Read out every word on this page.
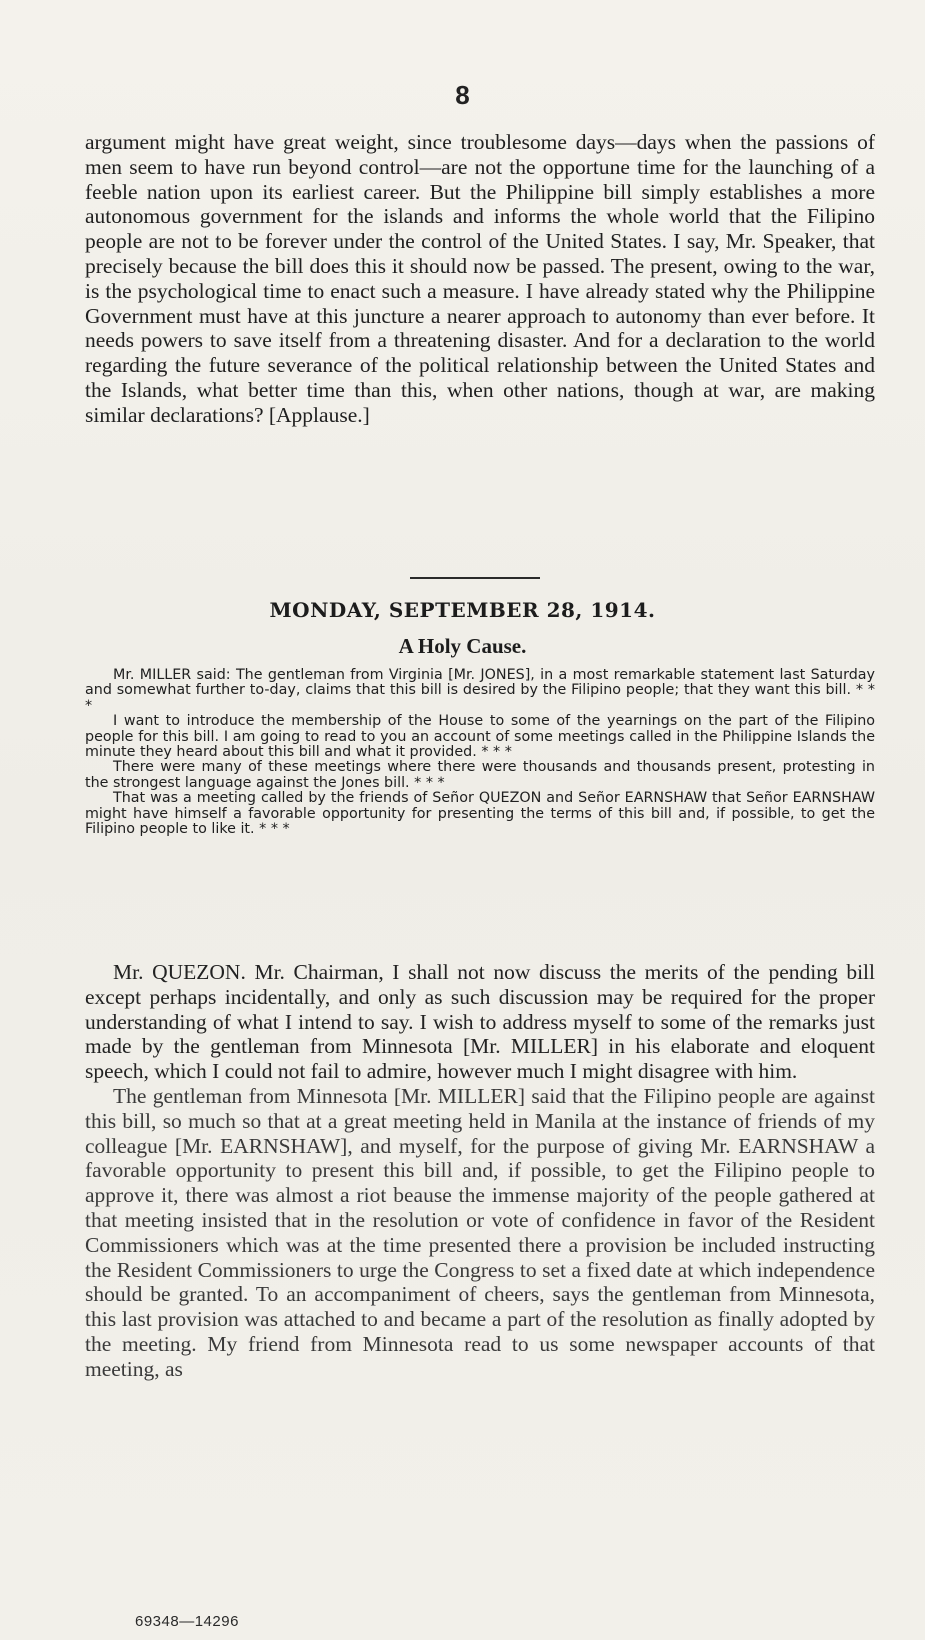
8
argument might have great weight, since troublesome days—days when the passions of men seem to have run beyond control—are not the opportune time for the launching of a feeble nation upon its earliest career. But the Philippine bill simply establishes a more autonomous government for the islands and informs the whole world that the Filipino people are not to be forever under the control of the United States. I say, Mr. Speaker, that precisely because the bill does this it should now be passed. The present, owing to the war, is the psychological time to enact such a measure. I have already stated why the Philippine Government must have at this juncture a nearer approach to autonomy than ever before. It needs powers to save itself from a threatening disaster. And for a declaration to the world regarding the future severance of the political relationship between the United States and the Islands, what better time than this, when other nations, though at war, are making similar declarations? [Applause.]
MONDAY, SEPTEMBER 28, 1914.
A Holy Cause.

Mr. MILLER said: The gentleman from Virginia [Mr. JONES], in a most remarkable statement last Saturday and somewhat further to-day, claims that this bill is desired by the Filipino people; that they want this bill. * * *

I want to introduce the membership of the House to some of the yearnings on the part of the Filipino people for this bill. I am going to read to you an account of some meetings called in the Philippine Islands the minute they heard about this bill and what it provided. * * *

There were many of these meetings where there were thousands and thousands present, protesting in the strongest language against the Jones bill. * * *

That was a meeting called by the friends of Señor QUEZON and Señor EARNSHAW that Señor EARNSHAW might have himself a favorable opportunity for presenting the terms of this bill and, if possible, to get the Filipino people to like it. * * *

Mr. QUEZON. Mr. Chairman, I shall not now discuss the merits of the pending bill except perhaps incidentally, and only as such discussion may be required for the proper understanding of what I intend to say. I wish to address myself to some of the remarks just made by the gentleman from Minnesota [Mr. MILLER] in his elaborate and eloquent speech, which I could not fail to admire, however much I might disagree with him.

The gentleman from Minnesota [Mr. MILLER] said that the Filipino people are against this bill, so much so that at a great meeting held in Manila at the instance of friends of my colleague [Mr. EARNSHAW], and myself, for the purpose of giving Mr. EARNSHAW a favorable opportunity to present this bill and, if possible, to get the Filipino people to approve it, there was almost a riot beause the immense majority of the people gathered at that meeting insisted that in the resolution or vote of confidence in favor of the Resident Commissioners which was at the time presented there a provision be included instructing the Resident Commissioners to urge the Congress to set a fixed date at which independence should be granted. To an accompaniment of cheers, says the gentleman from Minnesota, this last provision was attached to and became a part of the resolution as finally adopted by the meeting. My friend from Minnesota read to us some newspaper accounts of that meeting, as

69348—14296
